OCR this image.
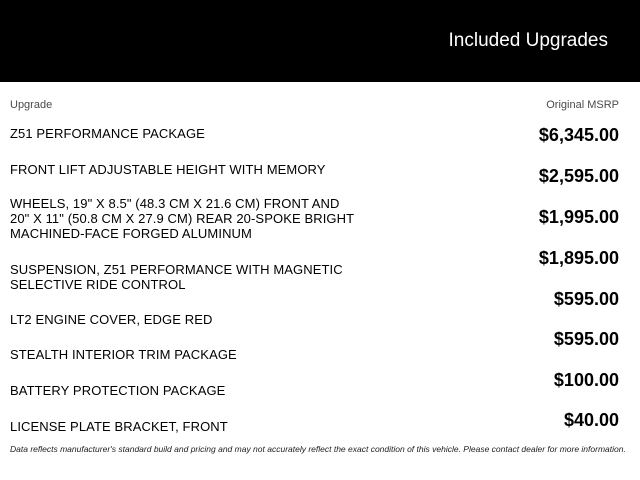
Included Upgrades
Upgrade	Original MSRP
Z51 PERFORMANCE PACKAGE
FRONT LIFT ADJUSTABLE HEIGHT WITH MEMORY
WHEELS, 19" X 8.5" (48.3 CM X 21.6 CM) FRONT AND 20" X 11" (50.8 CM X 27.9 CM) REAR 20-SPOKE BRIGHT MACHINED-FACE FORGED ALUMINUM
SUSPENSION, Z51 PERFORMANCE WITH MAGNETIC SELECTIVE RIDE CONTROL
LT2 ENGINE COVER, EDGE RED
STEALTH INTERIOR TRIM PACKAGE
BATTERY PROTECTION PACKAGE
LICENSE PLATE BRACKET, FRONT
$6,345.00
$2,595.00
$1,995.00
$1,895.00
$595.00
$595.00
$100.00
$40.00
Data reflects manufacturer's standard build and pricing and may not accurately reflect the exact condition of this vehicle. Please contact dealer for more information.
